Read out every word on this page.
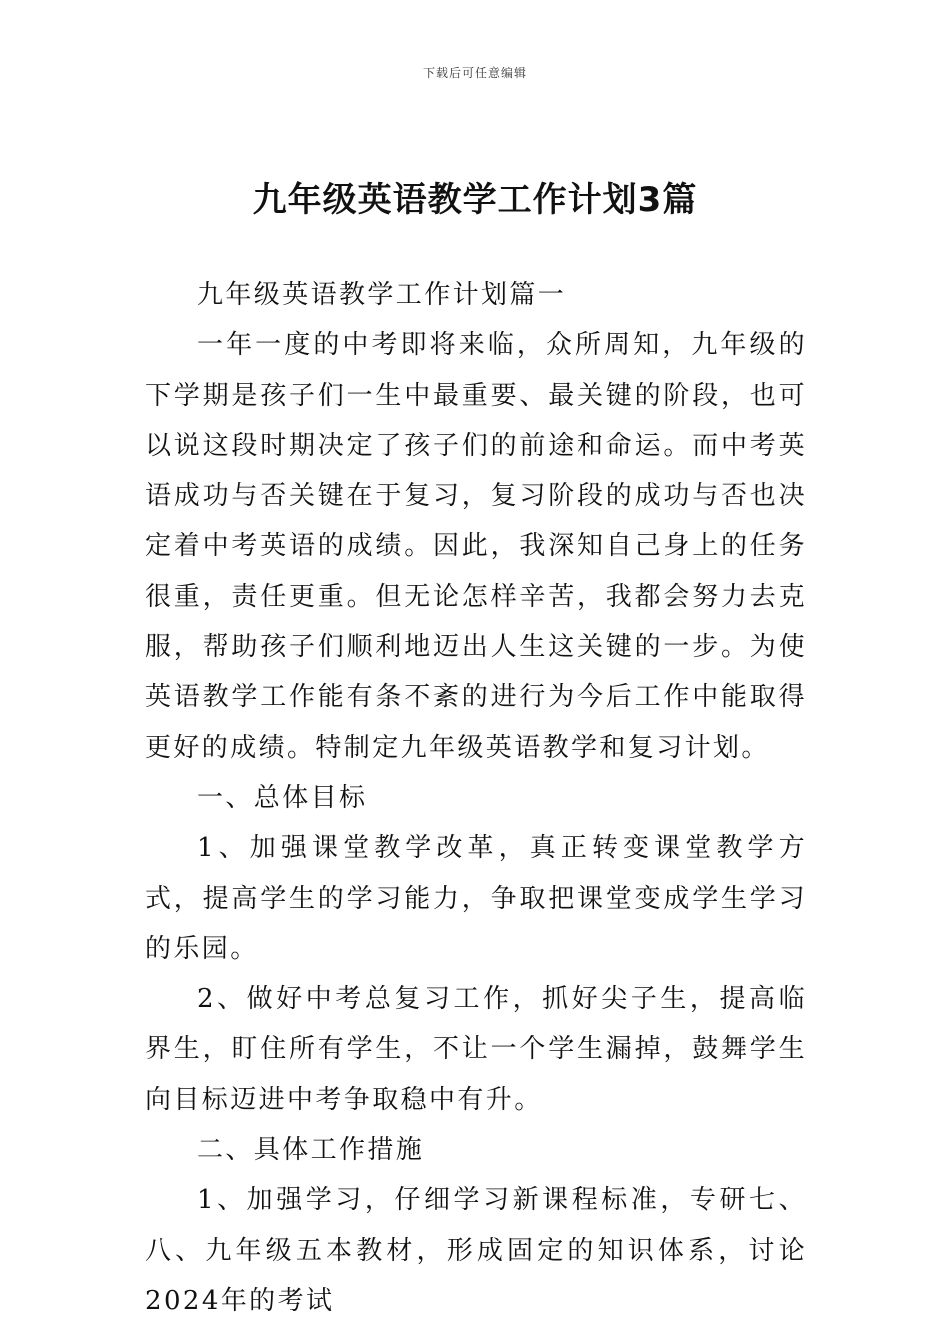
下载后可任意编辑
九年级英语教学工作计划3篇

九年级英语教学工作计划篇一

一年一度的中考即将来临，众所周知，九年级的下学期是孩子们一生中最重要、最关键的阶段，也可以说这段时期决定了孩子们的前途和命运。而中考英语成功与否关键在于复习，复习阶段的成功与否也决定着中考英语的成绩。因此，我深知自己身上的任务很重，责任更重。但无论怎样辛苦，我都会努力去克服，帮助孩子们顺利地迈出人生这关键的一步。为使英语教学工作能有条不紊的进行为今后工作中能取得更好的成绩。特制定九年级英语教学和复习计划。

一、总体目标

1、加强课堂教学改革，真正转变课堂教学方式，提高学生的学习能力，争取把课堂变成学生学习的乐园。

2、做好中考总复习工作，抓好尖子生，提高临界生，盯住所有学生，不让一个学生漏掉，鼓舞学生向目标迈进中考争取稳中有升。

二、具体工作措施

1、加强学习，仔细学习新课程标准，专研七、八、九年级五本教材，形成固定的知识体系，讨论2024年的考试
